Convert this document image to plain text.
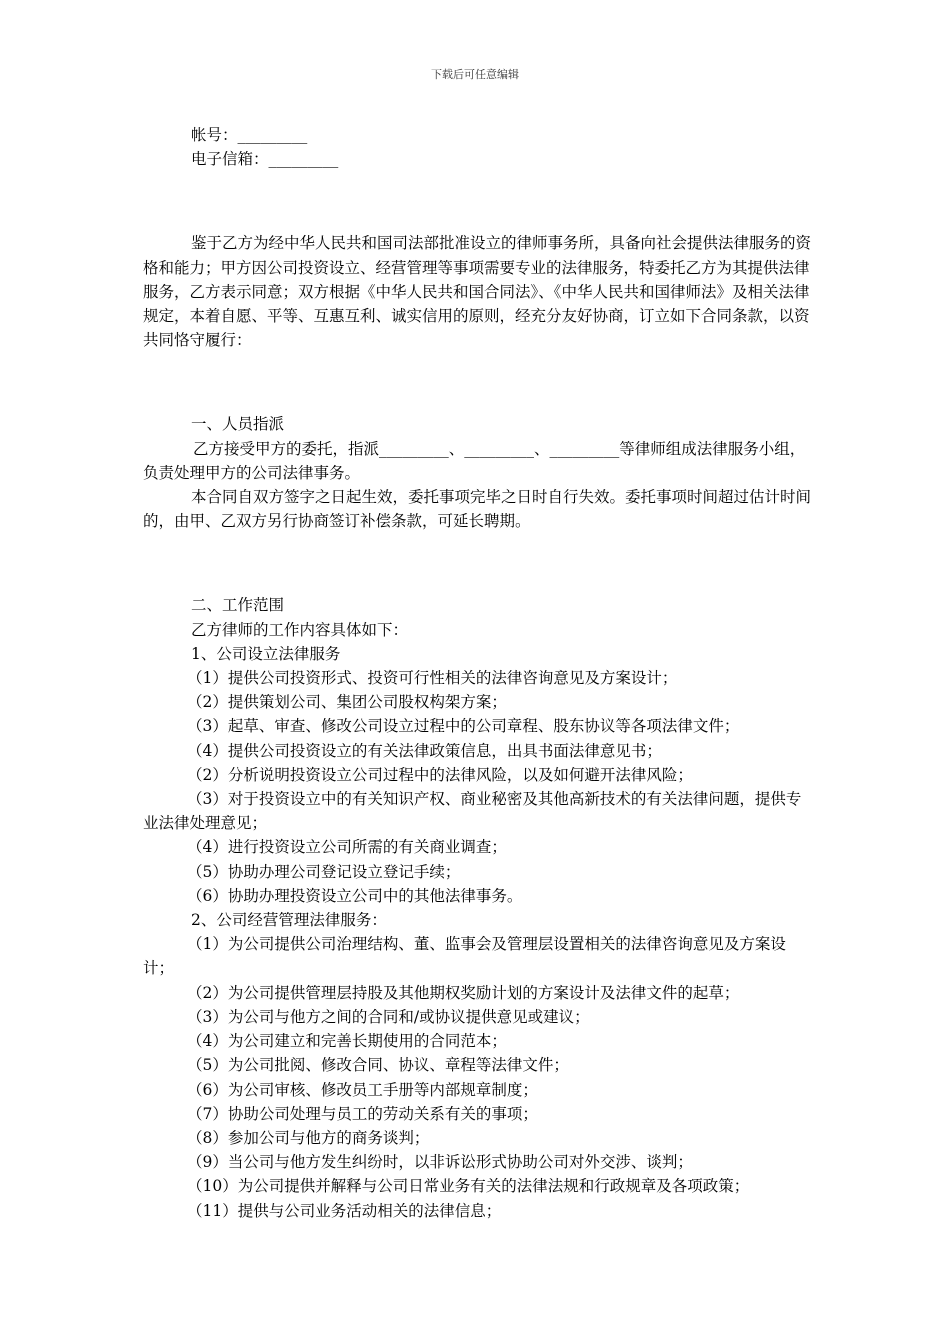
下载后可任意编辑

帐号：_________

电子信箱：_________

鉴于乙方为经中华人民共和国司法部批准设立的律师事务所，具备向社会提供法律服务的资格和能力；甲方因公司投资设立、经营管理等事项需要专业的法律服务，特委托乙方为其提供法律服务，乙方表示同意；双方根据《中华人民共和国合同法》、《中华人民共和国律师法》及相关法律规定，本着自愿、平等、互惠互利、诚实信用的原则，经充分友好协商，订立如下合同条款，以资共同恪守履行：

一、人员指派

乙方接受甲方的委托，指派_________、_________、_________等律师组成法律服务小组，负责处理甲方的公司法律事务。

本合同自双方签字之日起生效，委托事项完毕之日时自行失效。委托事项时间超过估计时间的，由甲、乙双方另行协商签订补偿条款，可延长聘期。

二、工作范围

乙方律师的工作内容具体如下：

1、公司设立法律服务

（1）提供公司投资形式、投资可行性相关的法律咨询意见及方案设计；

（2）提供策划公司、集团公司股权构架方案；

（3）起草、审查、修改公司设立过程中的公司章程、股东协议等各项法律文件；

（4）提供公司投资设立的有关法律政策信息，出具书面法律意见书；

（2）分析说明投资设立公司过程中的法律风险，以及如何避开法律风险；

（3）对于投资设立中的有关知识产权、商业秘密及其他高新技术的有关法律问题，提供专业法律处理意见；

（4）进行投资设立公司所需的有关商业调查；

（5）协助办理公司登记设立登记手续；

（6）协助办理投资设立公司中的其他法律事务。

2、公司经营管理法律服务：

（1）为公司提供公司治理结构、董、监事会及管理层设置相关的法律咨询意见及方案设计；

（2）为公司提供管理层持股及其他期权奖励计划的方案设计及法律文件的起草；

（3）为公司与他方之间的合同和/或协议提供意见或建议；

（4）为公司建立和完善长期使用的合同范本；

（5）为公司批阅、修改合同、协议、章程等法律文件；

（6）为公司审核、修改员工手册等内部规章制度；

（7）协助公司处理与员工的劳动关系有关的事项；

（8）参加公司与他方的商务谈判；

（9）当公司与他方发生纠纷时，以非诉讼形式协助公司对外交涉、谈判；

（10）为公司提供并解释与公司日常业务有关的法律法规和行政规章及各项政策；

（11）提供与公司业务活动相关的法律信息；
